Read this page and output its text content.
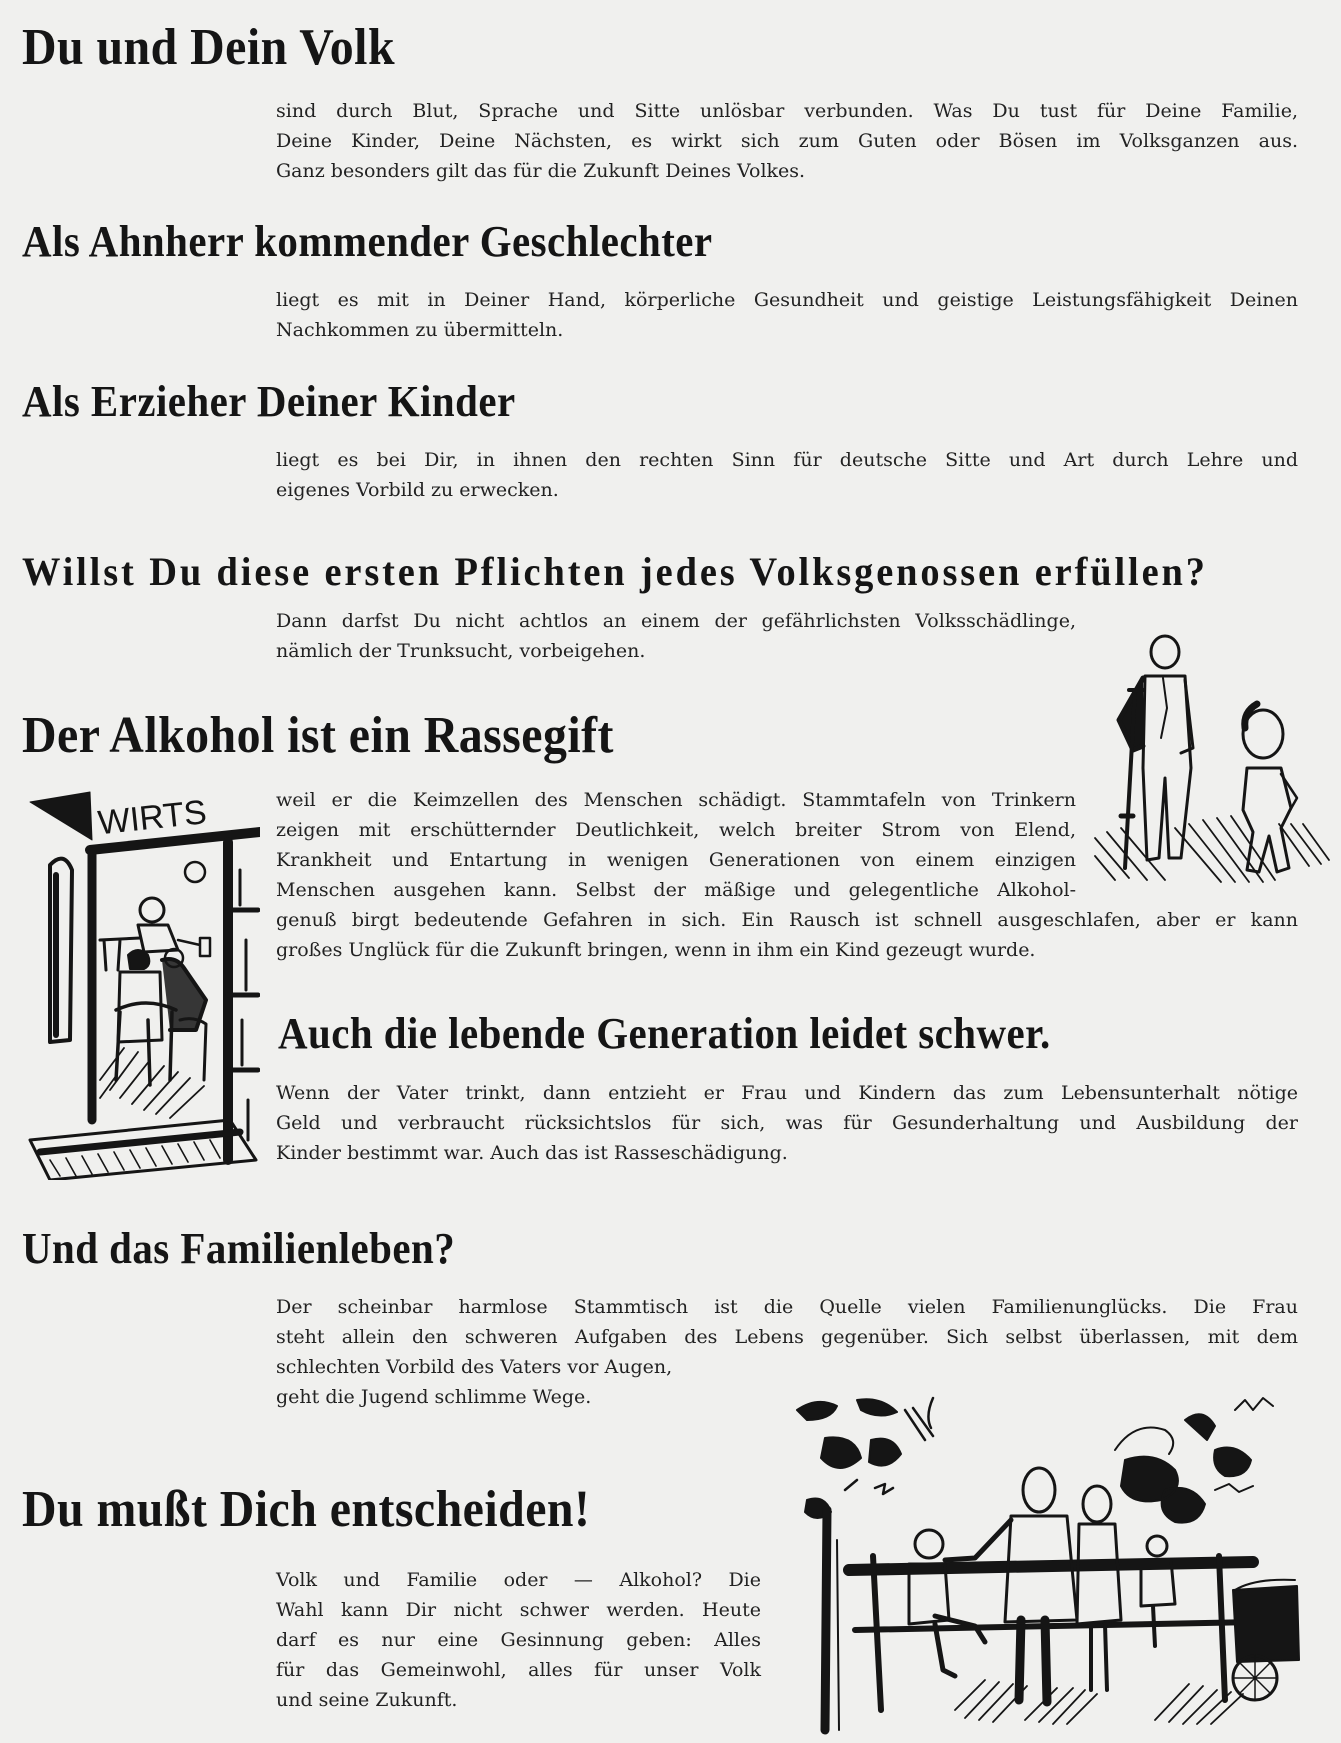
Du und Dein Volk
sind durch Blut, Sprache und Sitte unlösbar verbunden. Was Du tust für Deine Familie,
Deine Kinder, Deine Nächsten, es wirkt sich zum Guten oder Bösen im Volksganzen aus.
Ganz besonders gilt das für die Zukunft Deines Volkes.
Als Ahnherr kommender Geschlechter
liegt es mit in Deiner Hand, körperliche Gesundheit und geistige Leistungsfähigkeit Deinen
Nachkommen zu übermitteln.
Als Erzieher Deiner Kinder
liegt es bei Dir, in ihnen den rechten Sinn für deutsche Sitte und Art durch Lehre und
eigenes Vorbild zu erwecken.
Willst Du diese ersten Pflichten jedes Volksgenossen erfüllen?
Dann darfst Du nicht achtlos an einem der gefährlichsten Volksschädlinge,
nämlich der Trunksucht, vorbeigehen.
Der Alkohol ist ein Rassegift
weil er die Keimzellen des Menschen schädigt. Stammtafeln von Trinkern
zeigen mit erschütternder Deutlichkeit, welch breiter Strom von Elend,
Krankheit und Entartung in wenigen Generationen von einem einzigen
Menschen ausgehen kann. Selbst der mäßige und gelegentliche Alkohol-
genuß birgt bedeutende Gefahren in sich. Ein Rausch ist schnell ausgeschlafen, aber er kann
großes Unglück für die Zukunft bringen, wenn in ihm ein Kind gezeugt wurde.
Auch die lebende Generation leidet schwer.
Wenn der Vater trinkt, dann entzieht er Frau und Kindern das zum Lebensunterhalt nötige
Geld und verbraucht rücksichtslos für sich, was für Gesunderhaltung und Ausbildung der
Kinder bestimmt war. Auch das ist Rasseschädigung.
Und das Familienleben?
Der scheinbar harmlose Stammtisch ist die Quelle vielen Familienunglücks. Die Frau
steht allein den schweren Aufgaben des Lebens gegenüber. Sich selbst überlassen, mit dem
schlechten Vorbild des Vaters vor Augen,
geht die Jugend schlimme Wege.
Du mußt Dich entscheiden!
Volk und Familie oder — Alkohol? Die
Wahl kann Dir nicht schwer werden. Heute
darf es nur eine Gesinnung geben: Alles
für das Gemeinwohl, alles für unser Volk
und seine Zukunft.
WIRTS
